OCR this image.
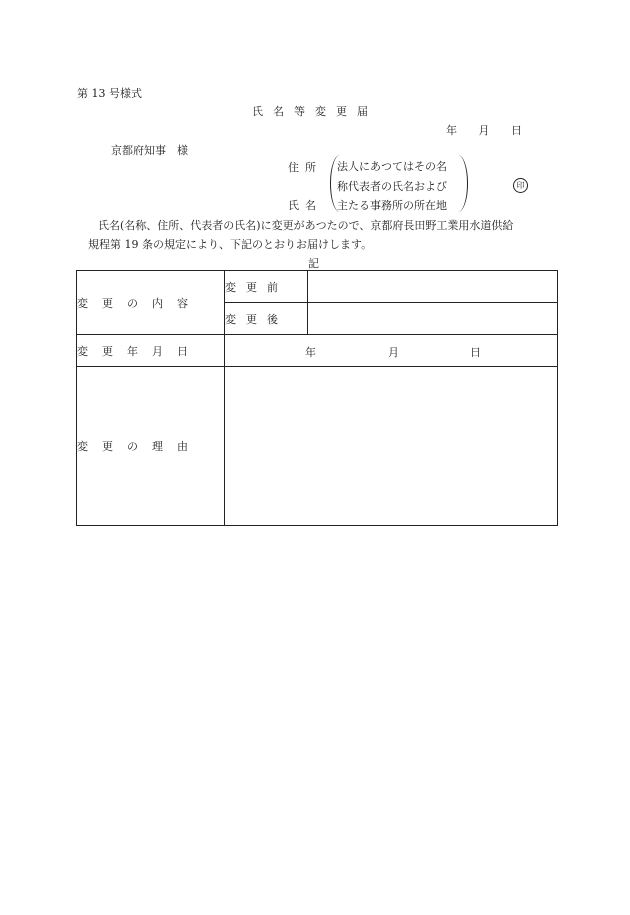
第 13 号様式
氏名等変更届
年 月 日
京都府知事　様
住所
氏名
法人にあつてはその名
称代表者の氏名および
主たる事務所の所在地
印
氏名(名称、住所、代表者の氏名)に変更があつたので、京都府長田野工業用水道供給
規程第 19 条の規定により、下記のとおりお届けします。
記
変更の内容	変更前	
	変更後	
変更年月日	年 月 日	

変更の理由		
